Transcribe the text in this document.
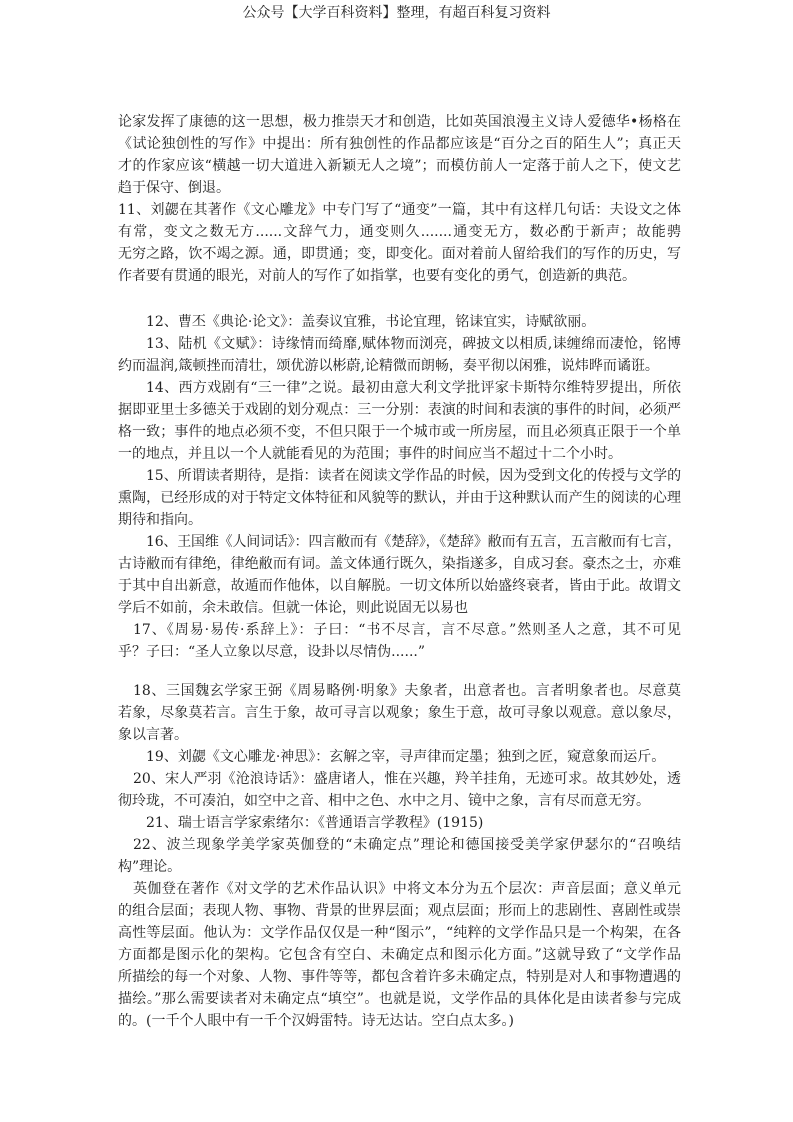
公众号【大学百科资料】整理，有超百科复习资料
论家发挥了康德的这一思想，极力推崇天才和创造，比如英国浪漫主义诗人爱德华•杨格在
《试论独创性的写作》中提出：所有独创性的作品都应该是“百分之百的陌生人”；真正天
才的作家应该“横越一切大道进入新颖无人之境”；而模仿前人一定落于前人之下，使文艺
趋于保守、倒退。
11、刘勰在其著作《文心雕龙》中专门写了“通变”一篇，其中有这样几句话：夫设文之体
有常，变文之数无方......文辞气力，通变则久.......通变无方，数必酌于新声；故能骋
无穷之路，饮不竭之源。通，即贯通；变，即变化。面对着前人留给我们的写作的历史，写
作者要有贯通的眼光，对前人的写作了如指掌，也要有变化的勇气，创造新的典范。
12、曹丕《典论·论文》：盖奏议宜雅，书论宜理，铭诔宜实，诗赋欲丽。
13、陆机《文赋》：诗缘情而绮靡,赋体物而浏亮，碑披文以相质,诔缠绵而凄怆，铭博
约而温润,箴顿挫而清壮，颂优游以彬蔚,论精微而朗畅，奏平彻以闲雅，说炜晔而谲诳。
14、西方戏剧有“三一律”之说。最初由意大利文学批评家卡斯特尔维特罗提出，所依
据即亚里士多德关于戏剧的划分观点：三一分别：表演的时间和表演的事件的时间，必须严
格一致；事件的地点必须不变，不但只限于一个城市或一所房屋，而且必须真正限于一个单
一的地点，并且以一个人就能看见的为范围；事件的时间应当不超过十二个小时。
15、所谓读者期待，是指：读者在阅读文学作品的时候，因为受到文化的传授与文学的
熏陶，已经形成的对于特定文体特征和风貌等的默认，并由于这种默认而产生的阅读的心理
期待和指向。
16、王国维《人间词话》：四言敝而有《楚辞》，《楚辞》敝而有五言，五言敝而有七言，
古诗敝而有律绝，律绝敝而有词。盖文体通行既久，染指遂多，自成习套。豪杰之士，亦难
于其中自出新意，故遁而作他体，以自解脱。一切文体所以始盛终衰者，皆由于此。故谓文
学后不如前，余未敢信。但就一体论，则此说固无以易也
17、《周易·易传·系辞上》：子曰：“书不尽言，言不尽意。”然则圣人之意，其不可见
乎？子曰：“圣人立象以尽意，设卦以尽情伪......”
18、三国魏玄学家王弼《周易略例·明象》夫象者，出意者也。言者明象者也。尽意莫
若象，尽象莫若言。言生于象，故可寻言以观象；象生于意，故可寻象以观意。意以象尽，
象以言著。
19、刘勰《文心雕龙·神思》：玄解之宰，寻声律而定墨；独到之匠，窥意象而运斤。
20、宋人严羽《沧浪诗话》：盛唐诸人，惟在兴趣，羚羊挂角，无迹可求。故其妙处，透
彻玲珑，不可凑泊，如空中之音、相中之色、水中之月、镜中之象，言有尽而意无穷。
21、瑞士语言学家索绪尔：《普通语言学教程》(1915)
22、波兰现象学美学家英伽登的“未确定点”理论和德国接受美学家伊瑟尔的“召唤结
构”理论。
英伽登在著作《对文学的艺术作品认识》中将文本分为五个层次：声音层面；意义单元
的组合层面；表现人物、事物、背景的世界层面；观点层面；形而上的悲剧性、喜剧性或崇
高性等层面。他认为：文学作品仅仅是一种“图示”，“纯粹的文学作品只是一个构架，在各
方面都是图示化的架构。它包含有空白、未确定点和图示化方面。”这就导致了“文学作品
所描绘的每一个对象、人物、事件等等，都包含着许多未确定点，特别是对人和事物遭遇的
描绘。”那么需要读者对未确定点“填空”。也就是说，文学作品的具体化是由读者参与完成
的。(一千个人眼中有一千个汉姆雷特。诗无达诂。空白点太多。)
